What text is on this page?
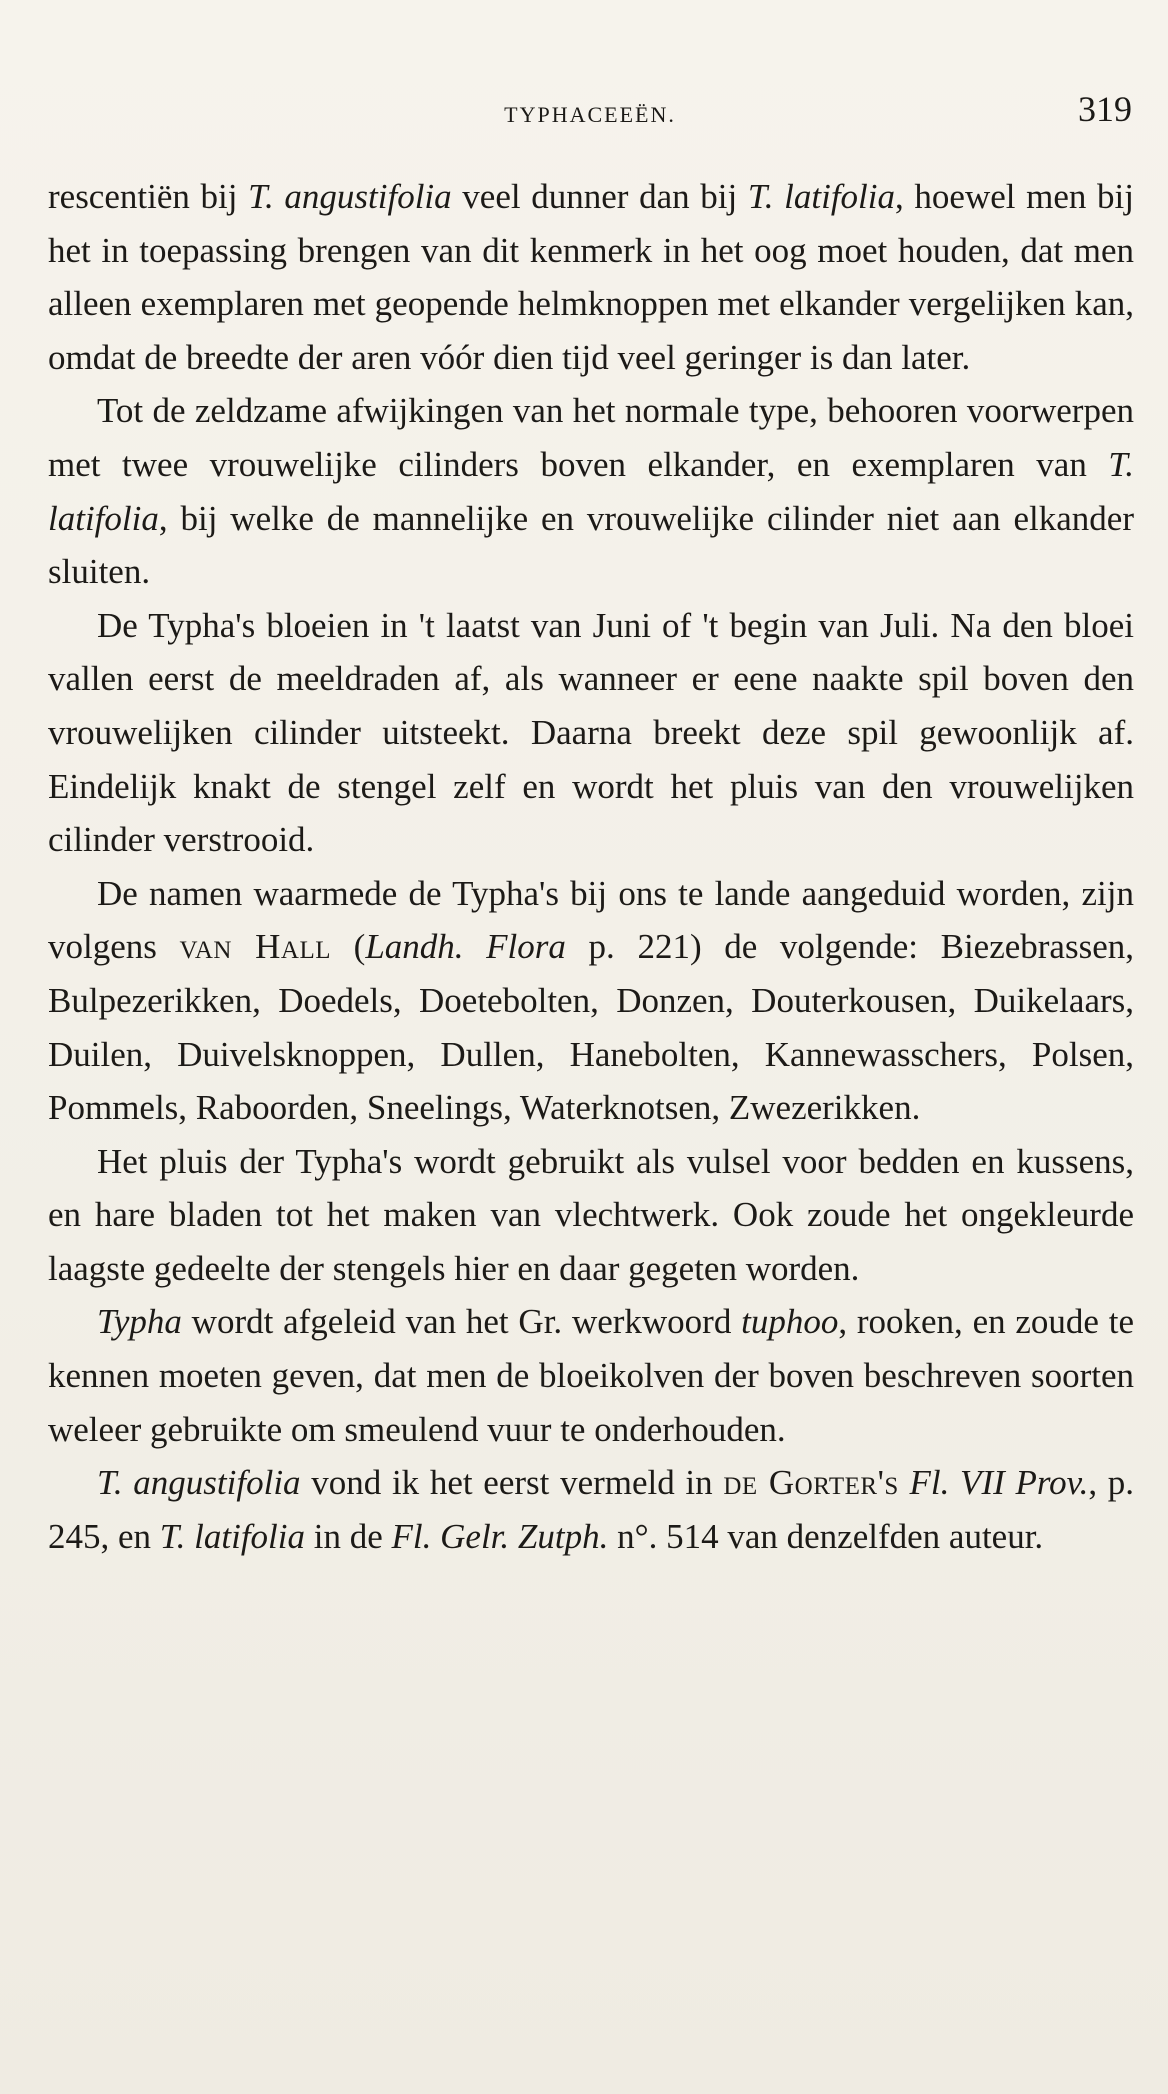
TYPHACEEËN.	319

rescentiën bij T. angustifolia veel dunner dan bij T. latifolia, hoewel men bij het in toepassing brengen van dit kenmerk in het oog moet houden, dat men alleen exemplaren met geopende helmknoppen met elkander vergelijken kan, omdat de breedte der aren vóór dien tijd veel geringer is dan later.

Tot de zeldzame afwijkingen van het normale type, behooren voorwerpen met twee vrouwelijke cilinders boven elkander, en exemplaren van T. latifolia, bij welke de mannelijke en vrouwelijke cilinder niet aan elkander sluiten.

De Typha's bloeien in 't laatst van Juni of 't begin van Juli. Na den bloei vallen eerst de meeldraden af, als wanneer er eene naakte spil boven den vrouwelijken cilinder uitsteekt. Daarna breekt deze spil gewoonlijk af. Eindelijk knakt de stengel zelf en wordt het pluis van den vrouwelijken cilinder verstrooid.

De namen waarmede de Typha's bij ons te lande aangeduid worden, zijn volgens van Hall (Landh. Flora p. 221) de volgende: Biezebrassen, Bulpezerikken, Doedels, Doetebolten, Donzen, Douterkousen, Duikelaars, Duilen, Duivelsknoppen, Dullen, Hanebolten, Kannewasschers, Polsen, Pommels, Raboorden, Sneelings, Waterknotsen, Zwezerikken.

Het pluis der Typha's wordt gebruikt als vulsel voor bedden en kussens, en hare bladen tot het maken van vlechtwerk. Ook zoude het ongekleurde laagste gedeelte der stengels hier en daar gegeten worden.

Typha wordt afgeleid van het Gr. werkwoord tuphoo, rooken, en zoude te kennen moeten geven, dat men de bloeikolven der boven beschreven soorten weleer gebruikte om smeulend vuur te onderhouden.

T. angustifolia vond ik het eerst vermeld in de Gorter's Fl. VII Prov., p. 245, en T. latifolia in de Fl. Gelr. Zutph. n°. 514 van denzelfden auteur.
